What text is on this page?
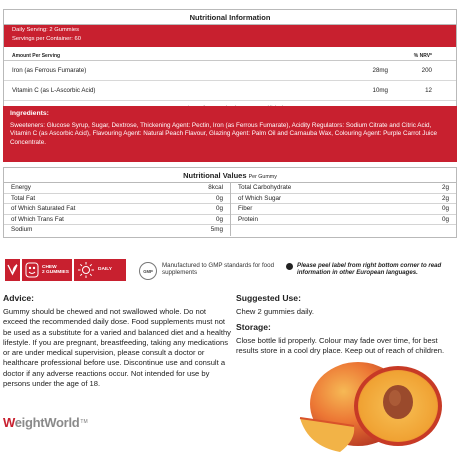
Nutritional Information
Daily Serving: 2 Gummies
Servings per Container: 60
Amount Per Serving	% NRV*
Iron (as Ferrous Fumarate)	28mg	200
Vitamin C (as L-Ascorbic Acid)	10mg	12
Ingredients:
Sweeteners: Glucose Syrup, Sugar, Dextrose, Thickening Agent: Pectin, Iron (as Ferrous Fumarate), Acidity Regulators: Sodium Citrate and Citric Acid, Vitamin C (as Ascorbic Acid), Flavouring Agent: Natural Peach Flavour, Glazing Agent: Palm Oil and Carnauba Wax, Colouring Agent: Purple Carrot Juice Concentrate.
Nutritional Values Per Gummy
Energy	8kcal
Total Fat	0g
of Which Saturated Fat	0g
of Which Trans Fat	0g
Sodium	5mg
Total Carbohydrate	2g
of Which Sugar	2g
Fiber	0g
Protein	0g
CHEW
2 GUMMIES
DAILY	GMP
Manufactured to GMP standards for food supplements
Please peel label from right bottom corner to read information in other European languages.
Advice:
Gummy should be chewed and not swallowed whole. Do not exceed the recommended daily dose. Food supplements must not be used as a substitute for a varied and balanced diet and a healthy lifestyle. If you are pregnant, breastfeeding, taking any medications or are under medical supervision, please consult a doctor or healthcare professional before use. Discontinue use and consult a doctor if any adverse reactions occur. Not intended for use by persons under the age of 18.
Suggested Use:
Chew 2 gummies daily.
Storage:
Close bottle lid properly. Colour may fade over time, for best results store in a cool dry place. Keep out of reach of children.
WeightWorld TM
